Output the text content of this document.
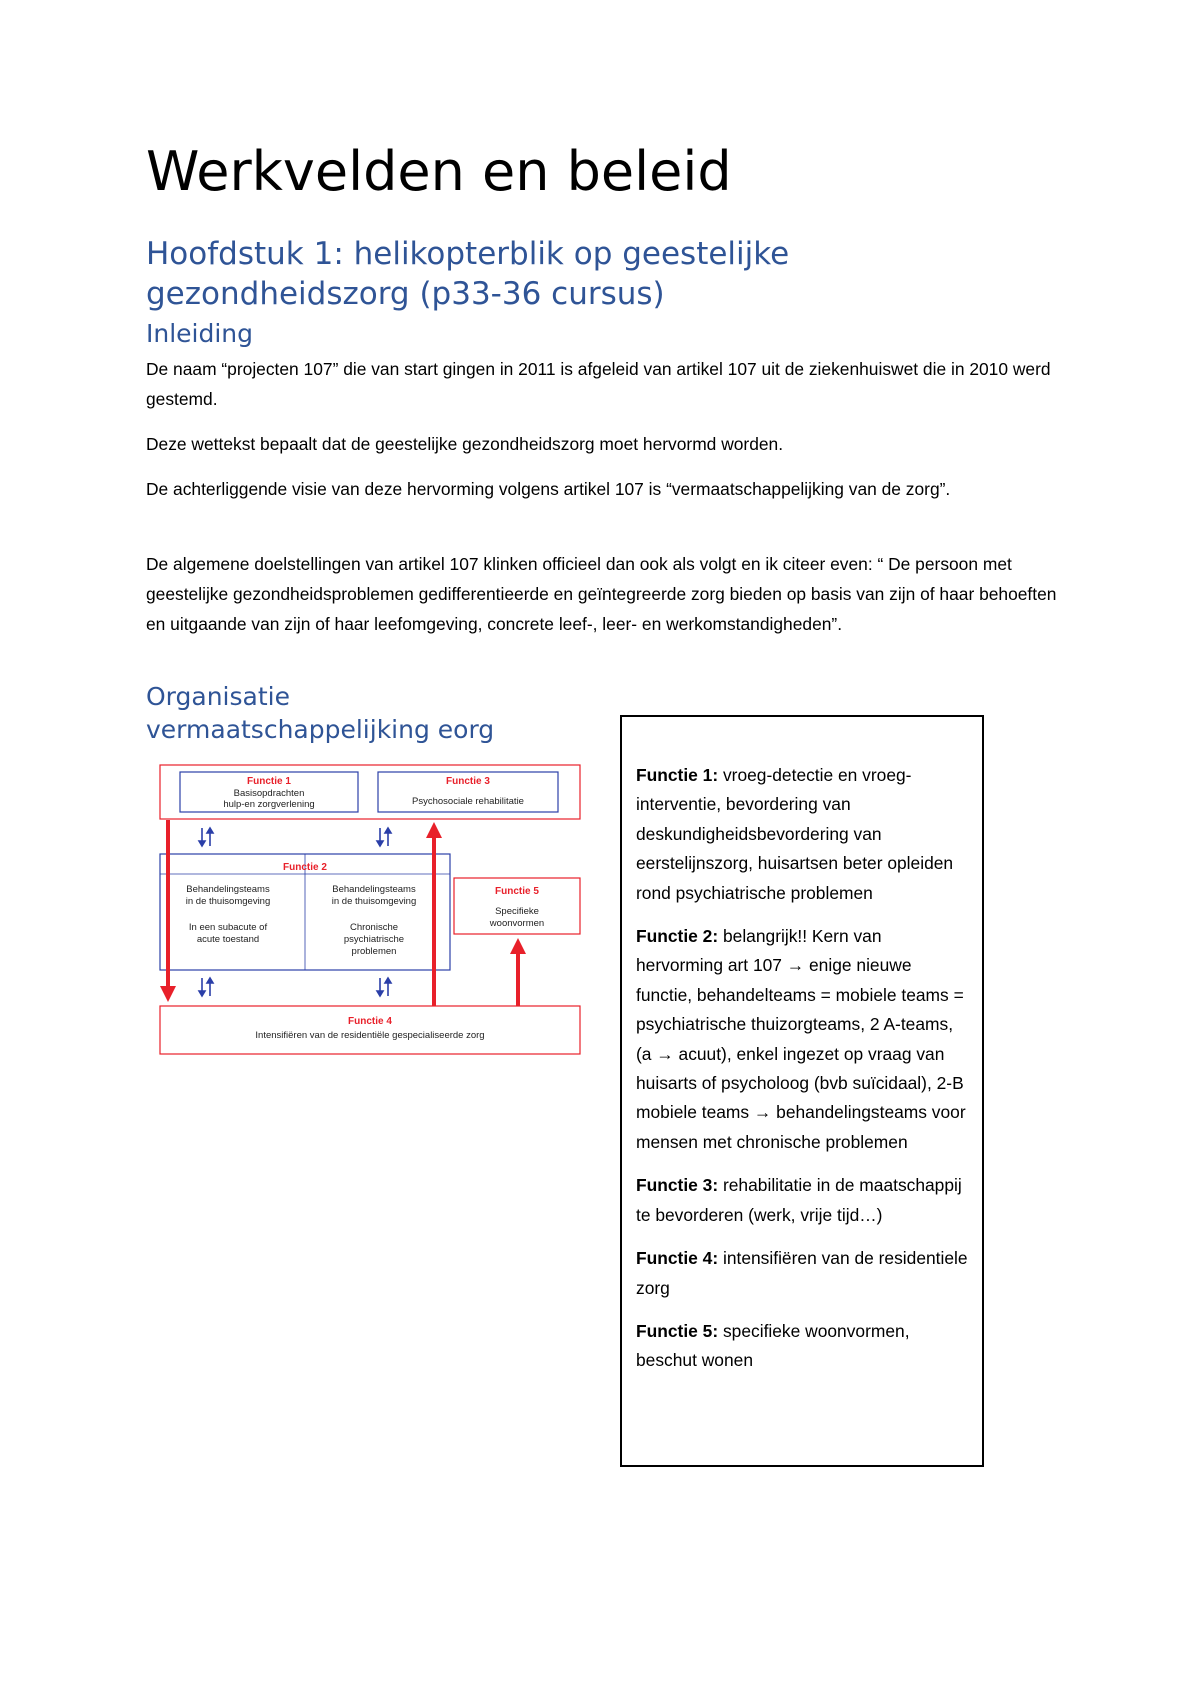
Werkvelden en beleid
Hoofdstuk 1: helikopterblik op geestelijke gezondheidszorg (p33-36 cursus)
Inleiding

De naam “projecten 107” die van start gingen in 2011 is afgeleid van artikel 107 uit de ziekenhuiswet die in 2010 werd gestemd.

Deze wettekst bepaalt dat de geestelijke gezondheidszorg moet hervormd worden.

De achterliggende visie van deze hervorming volgens artikel 107 is “vermaatschappelijking van de zorg”.

De algemene doelstellingen van artikel 107 klinken officieel dan ook als volgt en ik citeer even: “ De persoon met geestelijke gezondheidsproblemen gedifferentieerde en geïntegreerde zorg bieden op basis van zijn of haar behoeften en uitgaande van zijn of haar leefomgeving, concrete leef-, leer- en werkomstandigheden”.

Organisatie
vermaatschappelijking eorg
Functie 1
Basisopdrachten
hulp-en zorgverlening
Functie 3
Psychosociale rehabilitatie
Functie 2
Behandelingsteams
in de thuisomgeving
In een subacute of
acute toestand
Behandelingsteams
in de thuisomgeving
Chronische
psychiatrische
problemen
Functie 5
Specifieke
woonvormen
Functie 4
Intensifiëren van de residentiële gespecialiseerde zorg

Functie 1: vroeg-detectie en vroeg-interventie, bevordering van deskundigheidsbevordering van eerstelijnszorg, huisartsen beter opleiden rond psychiatrische problemen

Functie 2: belangrijk!! Kern van hervorming art 107 → enige nieuwe functie, behandelteams = mobiele teams = psychiatrische thuizorgteams, 2 A-teams, (a → acuut), enkel ingezet op vraag van huisarts of psycholoog (bvb suïcidaal), 2-B mobiele teams → behandelingsteams voor mensen met chronische problemen

Functie 3: rehabilitatie in de maatschappij te bevorderen (werk, vrije tijd…)

Functie 4: intensifiëren van de residentiele zorg

Functie 5: specifieke woonvormen, beschut wonen
